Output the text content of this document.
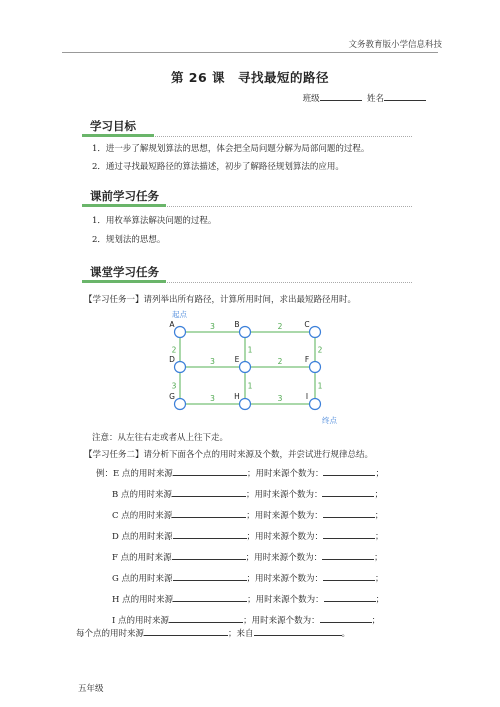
文务教育版小学信息科技
第 26 课　寻找最短的路径
班级	姓名
学习目标
1．进一步了解规划算法的思想，体会把全局问题分解为局部问题的过程。
2．通过寻找最短路径的算法描述，初步了解路径规划算法的应用。
课前学习任务
1．用枚举算法解决问题的过程。
2．规划法的思想。
课堂学习任务
【学习任务一】请列举出所有路径，计算所用时间，求出最短路径用时。
3	2
3	2
3	3
2	1	2
3	1	1
A	B	C
D	E	F
G	H	I
起点
终点
注意：从左往右走或者从上往下走。
【学习任务二】请分析下面各个点的用时来源及个数，并尝试进行规律总结。
例：E 点的用时来源	；用时来源个数为：	；
B 点的用时来源	；用时来源个数为：	；
C 点的用时来源	；用时来源个数为：	；
D 点的用时来源	；用时来源个数为：	；
F 点的用时来源	；用时来源个数为：	；
G 点的用时来源	；用时来源个数为：	；
H 点的用时来源	；用时来源个数为：	；
I 点的用时来源	；用时来源个数为：	；
每个点的用时来源	；来自	。
五年级
